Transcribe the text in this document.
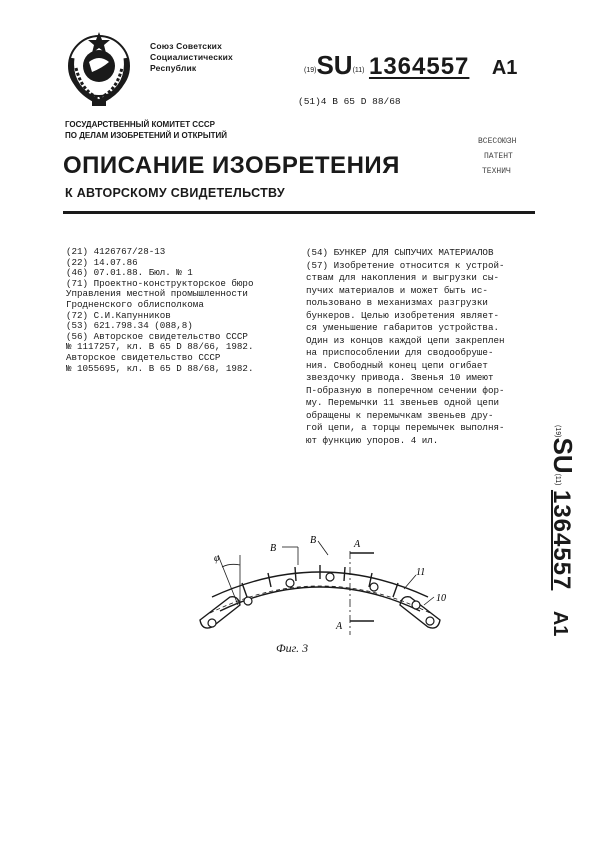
Союз Советских
Социалистических
Республик	(19)SU(11) 1364557 A1
(51)4 В 65 D 88/68
ГОСУДАРСТВЕННЫЙ КОМИТЕТ СССР
ПО ДЕЛАМ ИЗОБРЕТЕНИЙ И ОТКРЫТИЙ
ВСЕСОЮЗН
ПАТЕНТ
ТЕХНИЧ
ОПИСАНИЕ ИЗОБРЕТЕНИЯ
К АВТОРСКОМУ СВИДЕТЕЛЬСТВУ
(21) 4126767/28-13
(22) 14.07.86
(46) 07.01.88. Бюл. № 1
(71) Проектно-конструкторское бюро
Управления местной промышленности
Гродненского облисполкома
(72) С.И.Капунников
(53) 621.798.34 (088,8)
(56) Авторское свидетельство СССР
№ 1117257, кл. В 65 D 88/66, 1982.
Авторское свидетельство СССР
№ 1055695, кл. В 65 D 88/68, 1982.
(54) БУНКЕР ДЛЯ СЫПУЧИХ МАТЕРИАЛОВ
(57) Изобретение относится к устрой-
ствам для накопления и выгрузки сы-
пучих материалов и может быть ис-
пользовано в механизмах разгрузки
бункеров. Целью изобретения являет-
ся уменьшение габаритов устройства.
Один из концов каждой цепи закреплен
на приспособлении для сводообруше-
ния. Свободный конец цепи огибает
звездочку привода. Звенья 10 имеют
П-образную в поперечном сечении фор-
му. Перемычки 11 звеньев одной цепи
обращены к перемычкам звеньев дру-
гой цепи, а торцы перемычек выполня-
ют функцию упоров. 4 ил.
(19)SU(11) 1364557 A1
В
В	А
А
11
10
φ
Фиг. 3
